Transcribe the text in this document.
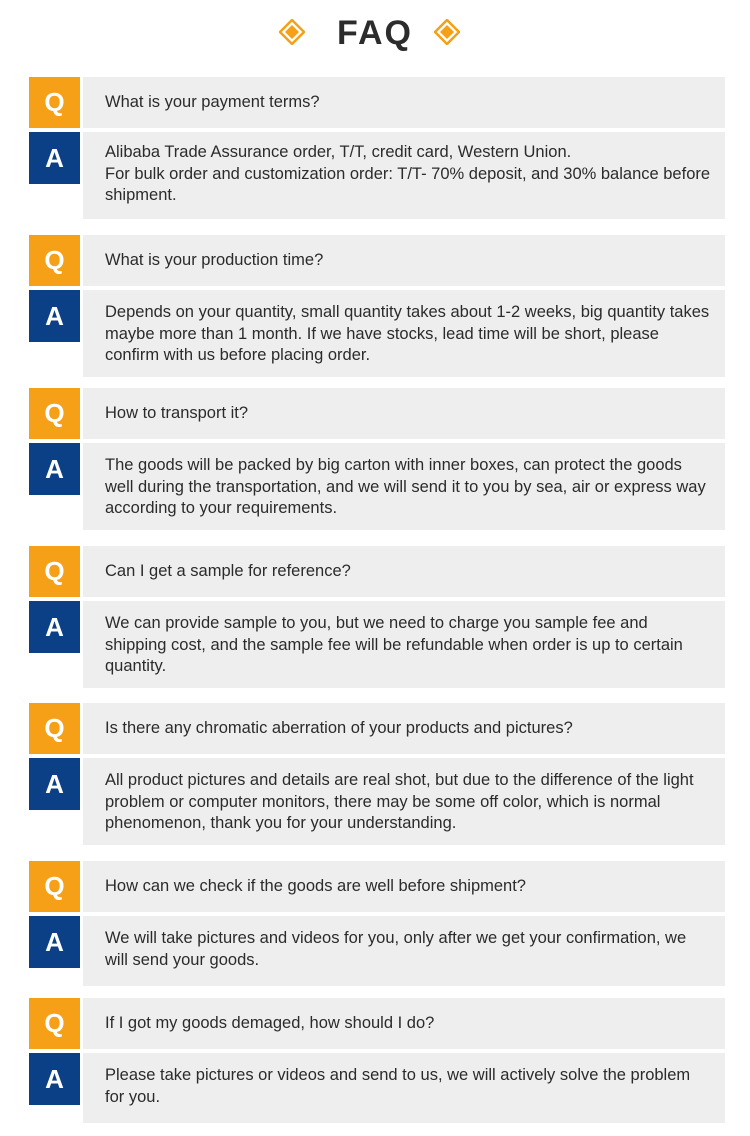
FAQ
Q	What is your payment terms?
A	Alibaba Trade Assurance order, T/T, credit card, Western Union.
For bulk order and customization order: T/T- 70% deposit, and 30% balance before shipment.
Q	What is your production time?
A	Depends on your quantity, small quantity takes about 1-2 weeks, big quantity takes maybe more than 1 month. If we have stocks, lead time will be short, please confirm with us before placing order.
Q	How to transport it?
A	The goods will be packed by big carton with inner boxes, can protect the goods well during the transportation, and we will send it to you by sea, air or express way according to your requirements.
Q	Can I get a sample for reference?
A	We can provide sample to you, but we need to charge you sample fee and shipping cost, and the sample fee will be refundable when order is up to certain quantity.
Q	Is there any chromatic aberration of your products and pictures?
A	All product pictures and details are real shot, but due to the difference of the light problem or computer monitors, there may be some off color, which is normal phenomenon, thank you for your understanding.
Q	How can we check if the goods are well before shipment?
A	We will take pictures and videos for you, only after we get your confirmation, we will send your goods.
Q	If I got my goods demaged, how should I do?
A	Please take pictures or videos and send to us, we will actively solve the problem for you.
